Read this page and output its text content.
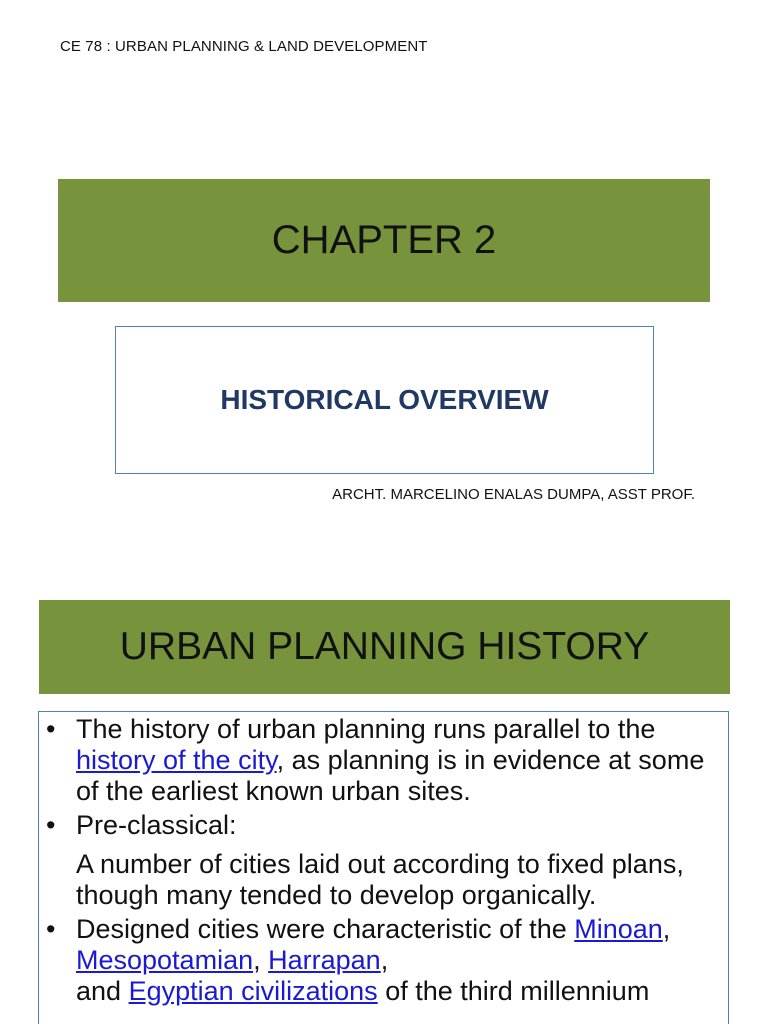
CE 78 : URBAN PLANNING & LAND DEVELOPMENT
CHAPTER 2
HISTORICAL OVERVIEW
ARCHT. MARCELINO ENALAS DUMPA, ASST PROF.
URBAN PLANNING HISTORY

• The history of urban planning runs parallel to the history of the city, as planning is in evidence at some of the earliest known urban sites.

• Pre-classical:

A number of cities laid out according to fixed plans, though many tended to develop organically.

• Designed cities were characteristic of the Minoan, Mesopotamian, Harrapan,
and Egyptian civilizations of the third millennium
